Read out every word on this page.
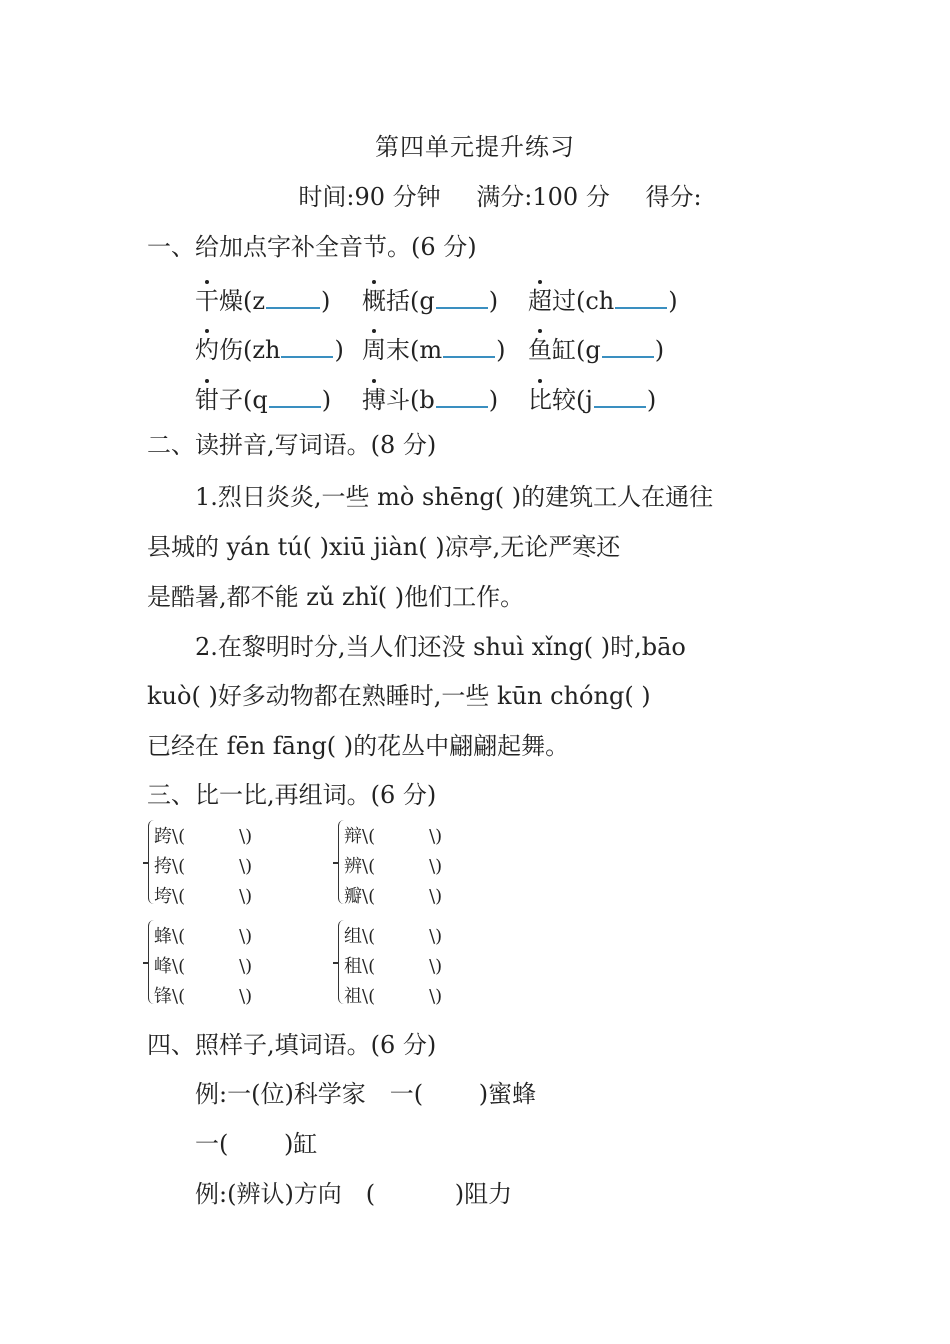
第四单元提升练习
时间:90 分钟 满分:100 分 得分:
一、给加点字补全音节。(6 分)
干燥(z ) 概括(g ) 超过(ch )
灼伤(zh ) 周末(m ) 鱼缸(g )
钳子(q ) 搏斗(b ) 比较(j )
二、读拼音,写词语。(8 分)
1.烈日炎炎,一些 mò shēng( )的建筑工人在通往
县城的 yán tú( )xiū jiàn( )凉亭,无论严寒还
是酷暑,都不能 zǔ zhǐ( )他们工作。
2.在黎明时分,当人们还没 shuì xǐng( )时,bāo
kuò( )好多动物都在熟睡时,一些 kūn chóng( )
已经在 fēn fāng( )的花丛中翩翩起舞。
三、比一比,再组词。(6 分)
跨\(	\)
挎\(	\)
垮\(	\)
辩\(	\)
辨\(	\)
瓣\(	\)
蜂\(	\)
峰\(	\)
锋\(	\)
组\(	\)
租\(	\)
祖\(	\)
四、照样子,填词语。(6 分)
例:一(位)科学家　一(　　 )蜜蜂
一(　　 )缸
例:(辨认)方向　(　　　 )阻力
